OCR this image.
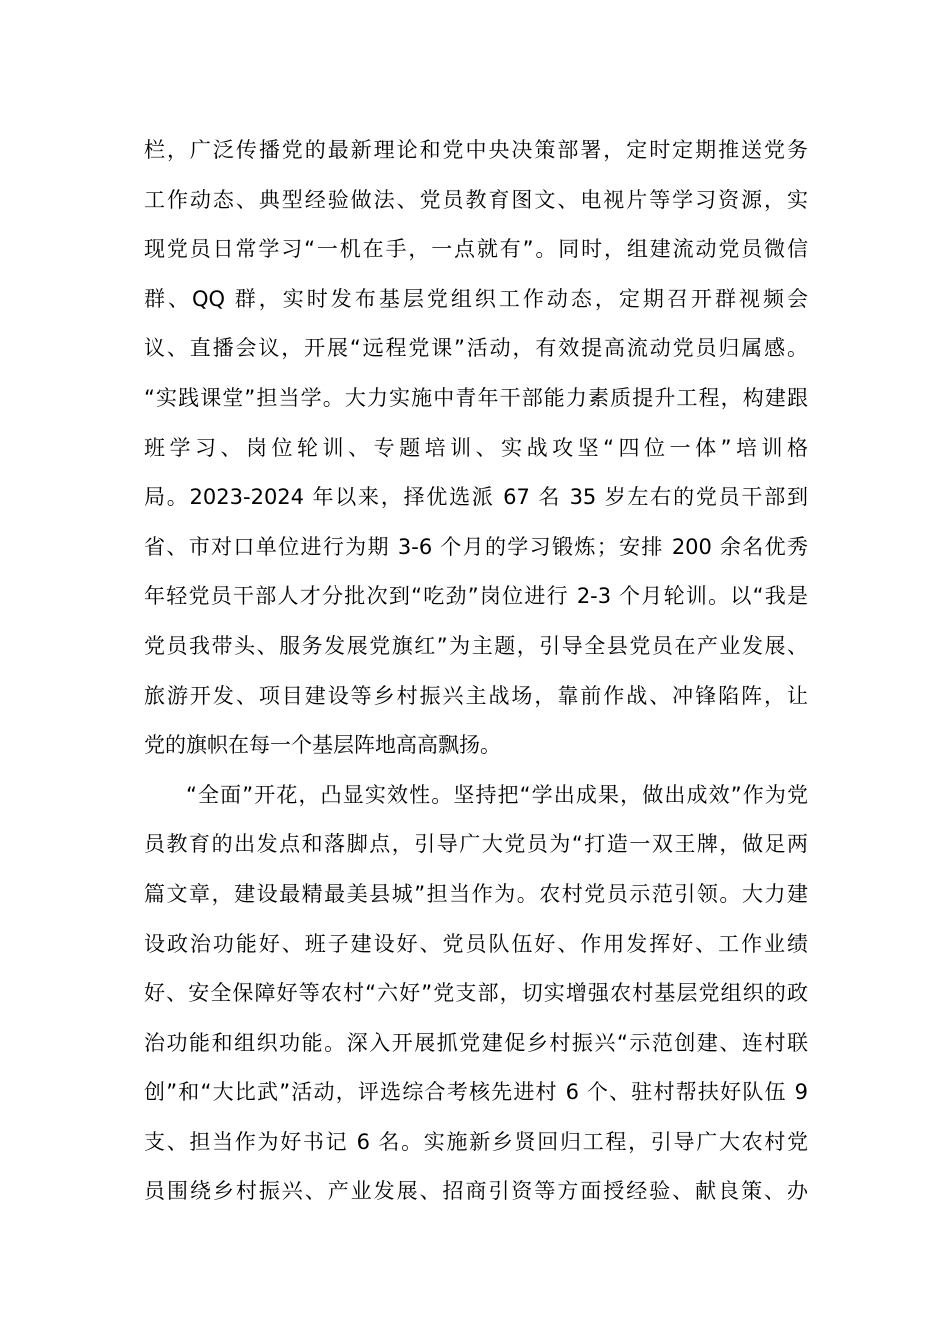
栏，广泛传播党的最新理论和党中央决策部署，定时定期推送党务
工作动态、典型经验做法、党员教育图文、电视片等学习资源，实
现党员日常学习“一机在手，一点就有”。同时，组建流动党员微信
群、QQ 群，实时发布基层党组织工作动态，定期召开群视频会
议、直播会议，开展“远程党课”活动，有效提高流动党员归属感。
“实践课堂”担当学。大力实施中青年干部能力素质提升工程，构建跟
班学习、岗位轮训、专题培训、实战攻坚“四位一体”培训格
局。2023-2024 年以来，择优选派 67 名 35 岁左右的党员干部到
省、市对口单位进行为期 3-6 个月的学习锻炼；安排 200 余名优秀
年轻党员干部人才分批次到“吃劲”岗位进行 2-3 个月轮训。以“我是
党员我带头、服务发展党旗红”为主题，引导全县党员在产业发展、
旅游开发、项目建设等乡村振兴主战场，靠前作战、冲锋陷阵，让
党的旗帜在每一个基层阵地高高飘扬。
“全面”开花，凸显实效性。坚持把“学出成果，做出成效”作为党
员教育的出发点和落脚点，引导广大党员为“打造一双王牌，做足两
篇文章，建设最精最美县城”担当作为。农村党员示范引领。大力建
设政治功能好、班子建设好、党员队伍好、作用发挥好、工作业绩
好、安全保障好等农村“六好”党支部，切实增强农村基层党组织的政
治功能和组织功能。深入开展抓党建促乡村振兴“示范创建、连村联
创”和“大比武”活动，评选综合考核先进村 6 个、驻村帮扶好队伍 9
支、担当作为好书记 6 名。实施新乡贤回归工程，引导广大农村党
员围绕乡村振兴、产业发展、招商引资等方面授经验、献良策、办
